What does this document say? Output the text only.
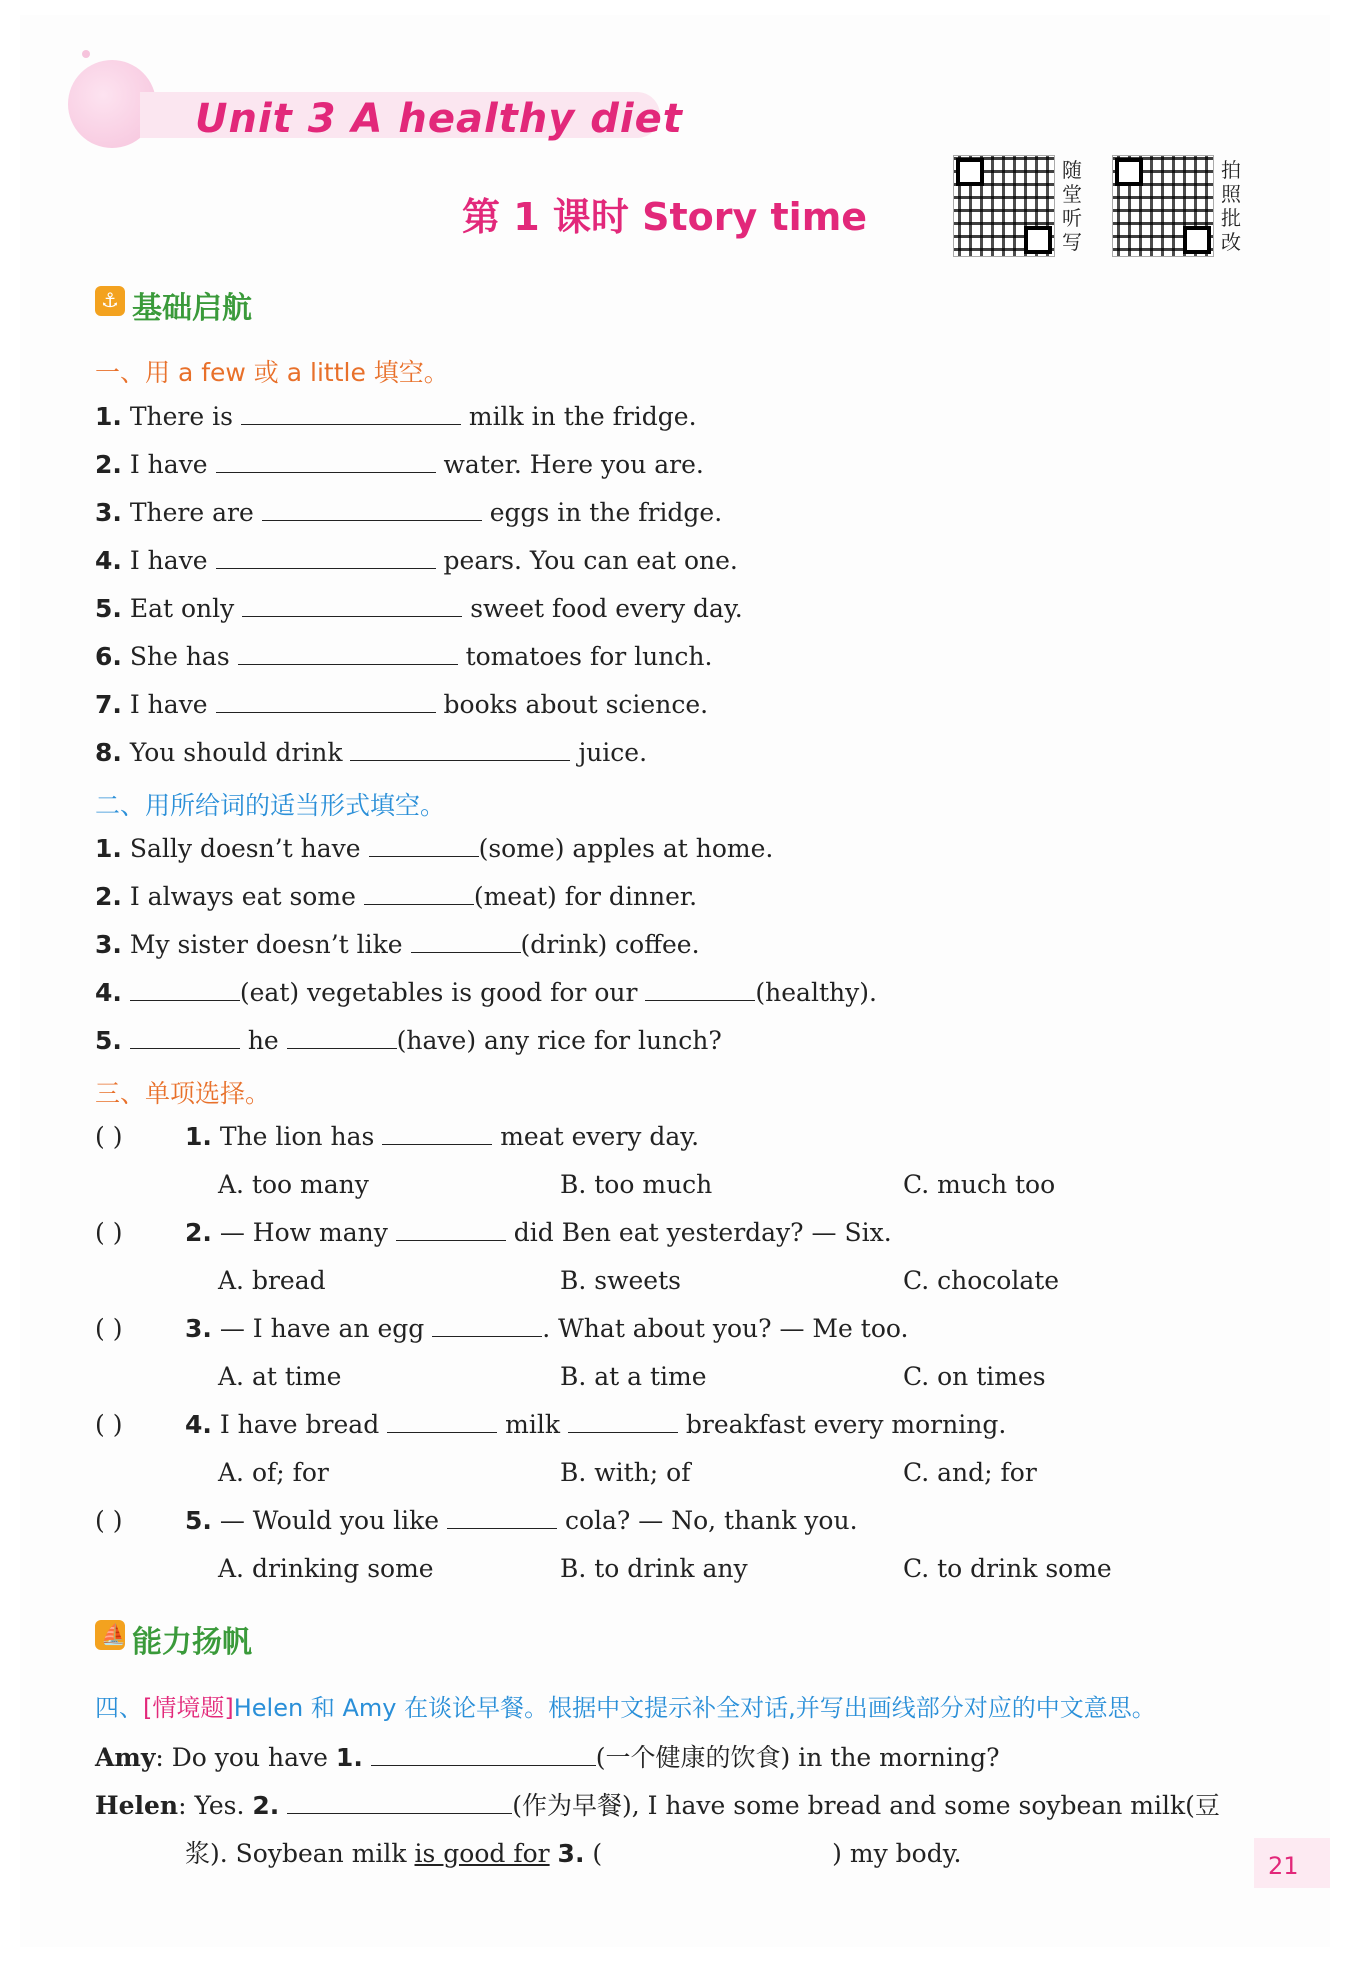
Unit 3 A healthy diet
第 1 课时 Story time
随堂听写
拍照批改
⚓ 基础启航
一、用 a few 或 a little 填空。
1. There is	milk in the fridge.
2. I have	water. Here you are.
3. There are	eggs in the fridge.
4. I have	pears. You can eat one.
5. Eat only	sweet food every day.
6. She has	tomatoes for lunch.
7. I have	books about science.
8. You should drink	juice.
二、用所给词的适当形式填空。
1. Sally doesn’t have	(some) apples at home.
2. I always eat some	(meat) for dinner.
3. My sister doesn’t like	(drink) coffee.
4.	(eat) vegetables is good for our	(healthy).
5.	he	(have) any rice for lunch?
三、单项选择。
( )	1. The lion has	meat every day.
A. too many	B. too much	C. much too
( )	2. — How many	did Ben eat yesterday? — Six.
A. bread	B. sweets	C. chocolate
( )	3. — I have an egg	. What about you? — Me too.
A. at time	B. at a time	C. on times
( )	4. I have bread	milk	breakfast every morning.
A. of; for	B. with; of	C. and; for
( )	5. — Would you like	cola? — No, thank you.
A. drinking some	B. to drink any	C. to drink some
⛵ 能力扬帆
四、[情境题]Helen 和 Amy 在谈论早餐。根据中文提示补全对话,并写出画线部分对应的中文意思。
Amy: Do you have 1.	(一个健康的饮食) in the morning?
Helen: Yes. 2.	(作为早餐), I have some bread and some soybean milk(豆
浆). Soybean milk is good for 3. (	) my body.	21
